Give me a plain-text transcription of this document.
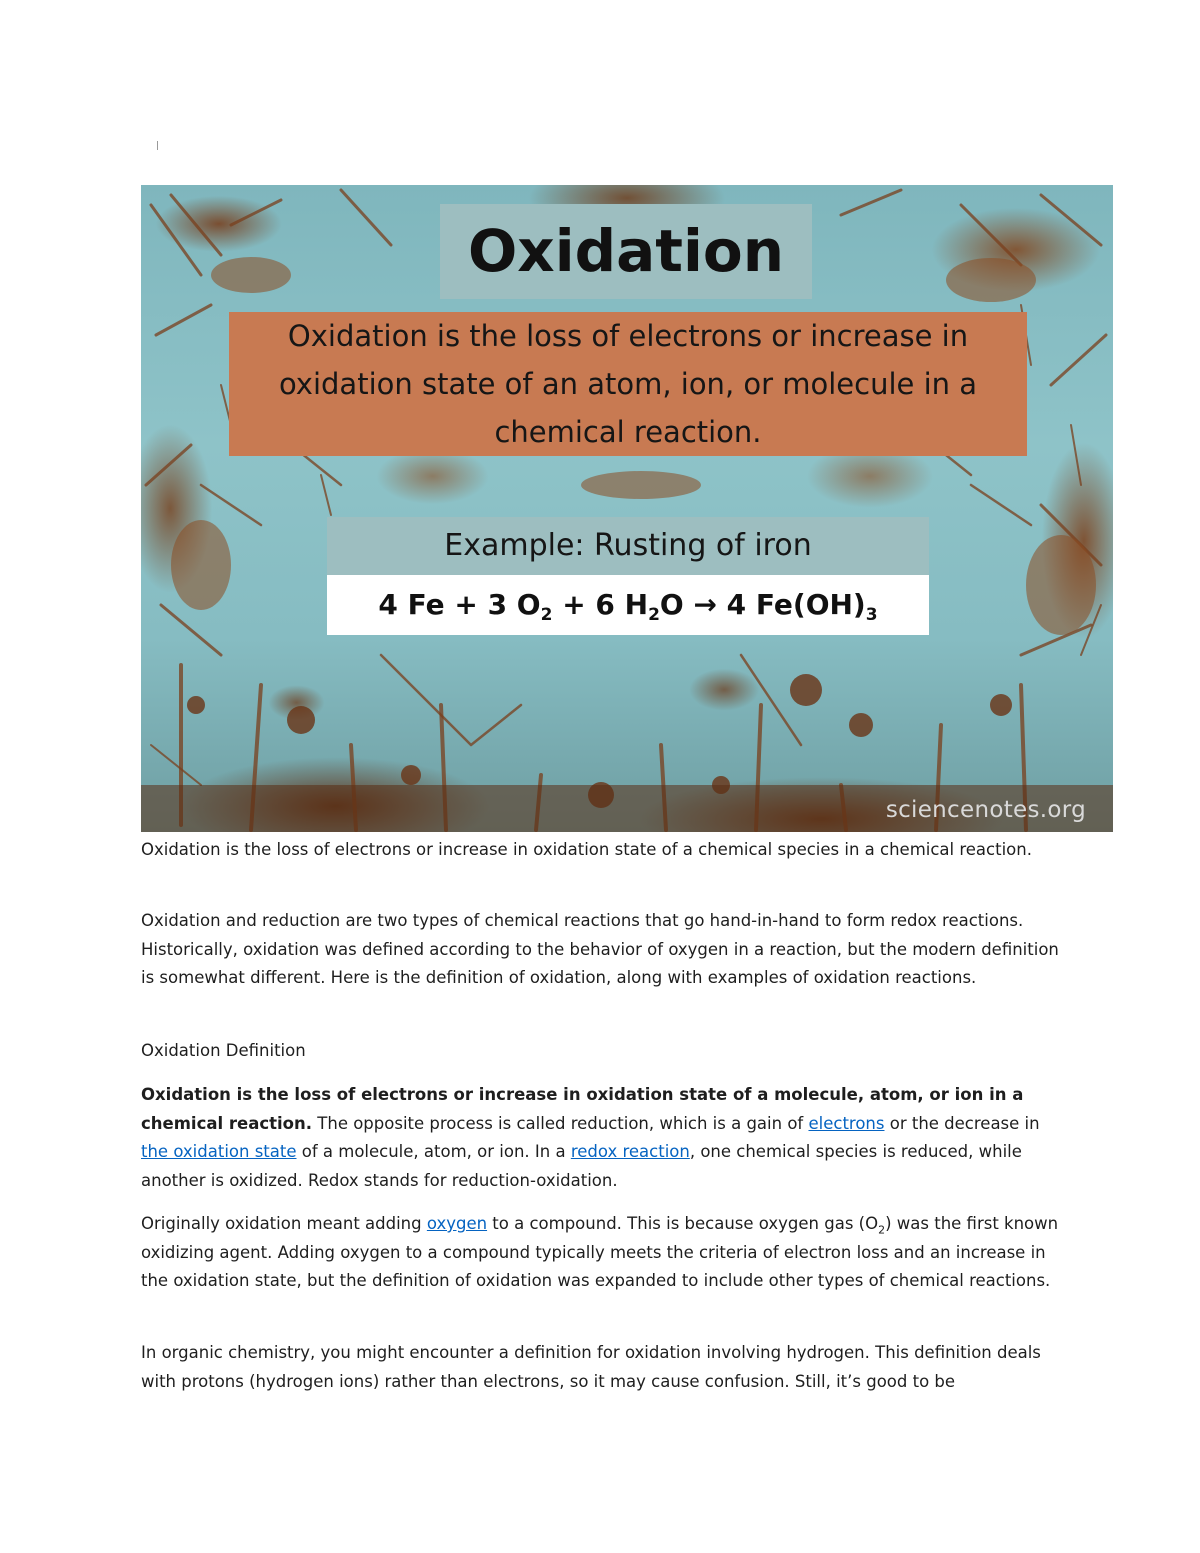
Oxidation
Oxidation is the loss of electrons or increase in oxidation state of an atom, ion, or molecule in a chemical reaction.
Example: Rusting of iron
4 Fe + 3 $O_2 + 6$ $H_2O \to 4$ $Fe(OH)_3$
sciencenotes.org

Oxidation is the loss of electrons or increase in oxidation state of a chemical species in a chemical reaction.

Oxidation and reduction are two types of chemical reactions that go hand-in-hand to form redox reactions. Historically, oxidation was defined according to the behavior of oxygen in a reaction, but the modern definition is somewhat different. Here is the definition of oxidation, along with examples of oxidation reactions.

Oxidation Definition

Oxidation is the loss of electrons or increase in oxidation state of a molecule, atom, or ion in a chemical reaction. The opposite process is called reduction, which is a gain of electrons or the decrease in the oxidation state of a molecule, atom, or ion. In a redox reaction, one chemical species is reduced, while another is oxidized. Redox stands for reduction-oxidation.

Originally oxidation meant adding oxygen to a compound. This is because oxygen gas $(O_2)$ was the first known oxidizing agent. Adding oxygen to a compound typically meets the criteria of electron loss and an increase in the oxidation state, but the definition of oxidation was expanded to include other types of chemical reactions.

In organic chemistry, you might encounter a definition for oxidation involving hydrogen. This definition deals with protons (hydrogen ions) rather than electrons, so it may cause confusion. Still, it’s good to be
